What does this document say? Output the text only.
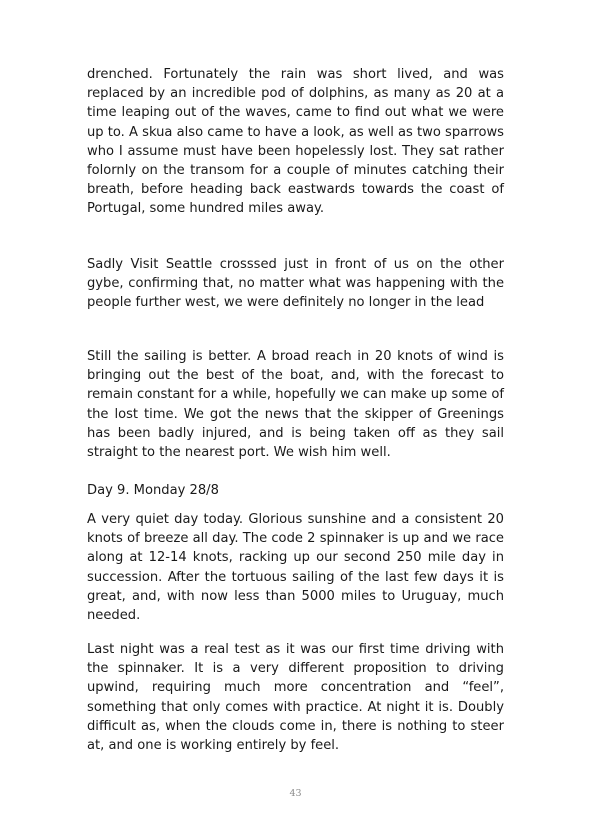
drenched. Fortunately the rain was short lived, and was replaced by an incredible pod of dolphins, as many as 20 at a time leaping out of the waves, came to find out what we were up to. A skua also came to have a look, as well as two sparrows who I assume must have been hopelessly lost. They sat rather folornly on the transom for a couple of minutes catching their breath, before heading back eastwards towards the coast of Portugal, some hundred miles away.

Sadly Visit Seattle crosssed just in front of us on the other gybe, confirming that, no matter what was happening with the people further west, we were definitely no longer in the lead

Still the sailing is better. A broad reach in 20 knots of wind is bringing out the best of the boat, and, with the forecast to remain constant for a while, hopefully we can make up some of the lost time. We got the news that the skipper of Greenings has been badly injured, and is being taken off as they sail straight to the nearest port. We wish him well.

Day 9. Monday 28/8

A very quiet day today. Glorious sunshine and a consistent 20 knots of breeze all day. The code 2 spinnaker is up and we race along at 12-14 knots, racking up our second 250 mile day in succession. After the tortuous sailing of the last few days it is great, and, with now less than 5000 miles to Uruguay, much needed.

Last night was a real test as it was our first time driving with the spinnaker. It is a very different proposition to driving upwind, requiring much more concentration and “feel”, something that only comes with practice. At night it is. Doubly difficult as, when the clouds come in, there is nothing to steer at, and one is working entirely by feel.

43
